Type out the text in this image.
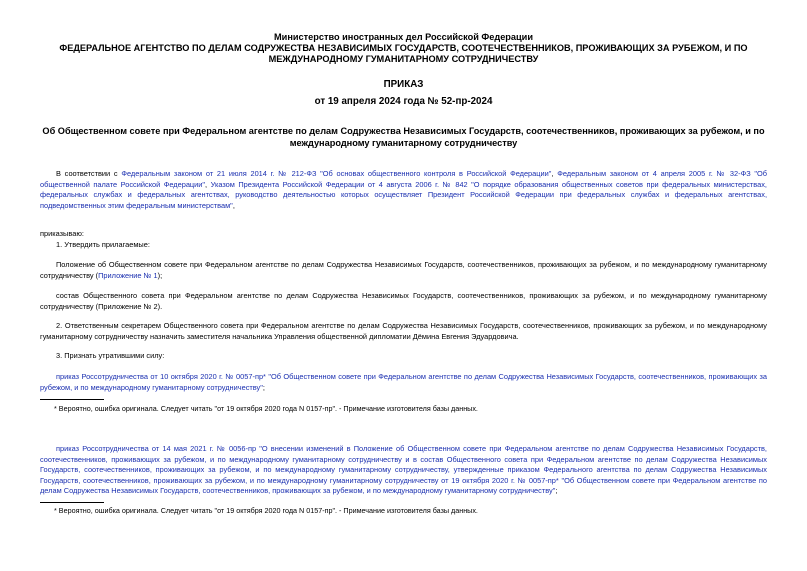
Министерство иностранных дел Российской Федерации
ФЕДЕРАЛЬНОЕ АГЕНТСТВО ПО ДЕЛАМ СОДРУЖЕСТВА НЕЗАВИСИМЫХ ГОСУДАРСТВ, СООТЕЧЕСТВЕННИКОВ, ПРОЖИВАЮЩИХ ЗА РУБЕЖОМ, И ПО МЕЖДУНАРОДНОМУ ГУМАНИТАРНОМУ СОТРУДНИЧЕСТВУ
ПРИКАЗ
от 19 апреля 2024 года № 52-пр-2024
Об Общественном совете при Федеральном агентстве по делам Содружества Независимых Государств, соотечественников, проживающих за рубежом, и по международному гуманитарному сотрудничеству
В соответствии с Федеральным законом от 21 июля 2014 г. № 212-ФЗ "Об основах общественного контроля в Российской Федерации", Федеральным законом от 4 апреля 2005 г. № 32-ФЗ "Об общественной палате Российской Федерации", Указом Президента Российской Федерации от 4 августа 2006 г. № 842 "О порядке образования общественных советов при федеральных министерствах, федеральных службах и федеральных агентствах, руководство деятельностью которых осуществляет Президент Российской Федерации при федеральных службах и федеральных агентствах, подведомственных этим федеральным министерствам",
приказываю:
1. Утвердить прилагаемые:
Положение об Общественном совете при Федеральном агентстве по делам Содружества Независимых Государств, соотечественников, проживающих за рубежом, и по международному гуманитарному сотрудничеству (Приложение № 1);
состав Общественного совета при Федеральном агентстве по делам Содружества Независимых Государств, соотечественников, проживающих за рубежом, и по международному гуманитарному сотрудничеству (Приложение № 2).
2. Ответственным секретарем Общественного совета при Федеральном агентстве по делам Содружества Независимых Государств, соотечественников, проживающих за рубежом, и по международному гуманитарному сотрудничеству назначить заместителя начальника Управления общественной дипломатии Дёмина Евгения Эдуардовича.
3. Признать утратившими силу:
приказ Россотрудничества от 10 октября 2020 г. № 0057-пр* "Об Общественном совете при Федеральном агентстве по делам Содружества Независимых Государств, соотечественников, проживающих за рубежом, и по международному гуманитарному сотрудничеству";
* Вероятно, ошибка оригинала. Следует читать "от 19 октября 2020 года N 0157-пр". - Примечание изготовителя базы данных.
приказ Россотрудничества от 14 мая 2021 г. № 0056-пр "О внесении изменений в Положение об Общественном совете при Федеральном агентстве по делам Содружества Независимых Государств, соотечественников, проживающих за рубежом, и по международному гуманитарному сотрудничеству и в состав Общественного совета при Федеральном агентстве по делам Содружества Независимых Государств, соотечественников, проживающих за рубежом, и по международному гуманитарному сотрудничеству, утвержденные приказом Федерального агентства по делам Содружества Независимых Государств, соотечественников, проживающих за рубежом, и по международному гуманитарному сотрудничеству от 19 октября 2020 г. № 0057-пр* "Об Общественном совете при Федеральном агентстве по делам Содружества Независимых Государств, соотечественников, проживающих за рубежом, и по международному гуманитарному сотрудничеству";
* Вероятно, ошибка оригинала. Следует читать "от 19 октября 2020 года N 0157-пр". - Примечание изготовителя базы данных.
